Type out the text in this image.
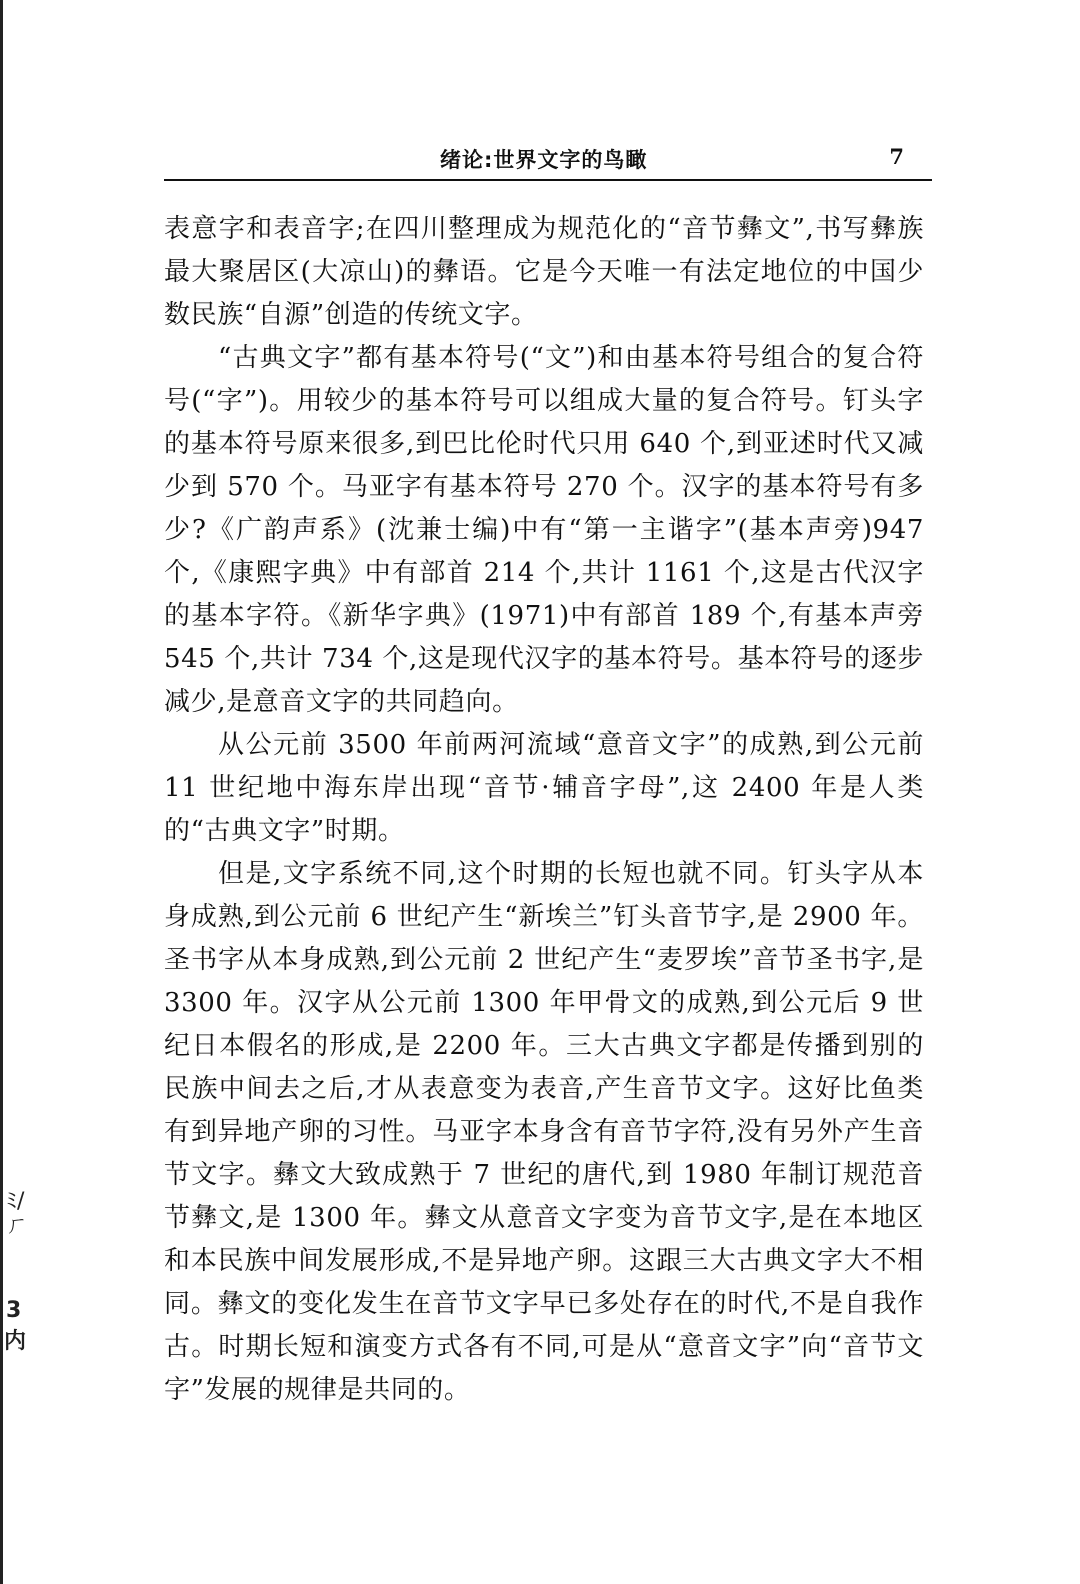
绪论:世界文字的鸟瞰	7

表意字和表音字;在四川整理成为规范化的“音节彝文”,书写彝族最大聚居区(大凉山)的彝语。它是今天唯一有法定地位的中国少数民族“自源”创造的传统文字。

“古典文字”都有基本符号(“文”)和由基本符号组合的复合符号(“字”)。用较少的基本符号可以组成大量的复合符号。钉头字的基本符号原来很多,到巴比伦时代只用 640 个,到亚述时代又减少到 570 个。马亚字有基本符号 270 个。汉字的基本符号有多少?《广韵声系》(沈兼士编)中有“第一主谐字”(基本声旁)947 个,《康熙字典》中有部首 214 个,共计 1161 个,这是古代汉字的基本字符。《新华字典》(1971)中有部首 189 个,有基本声旁 545 个,共计 734 个,这是现代汉字的基本符号。基本符号的逐步减少,是意音文字的共同趋向。

从公元前 3500 年前两河流域“意音文字”的成熟,到公元前 11 世纪地中海东岸出现“音节·辅音字母”,这 2400 年是人类的“古典文字”时期。

但是,文字系统不同,这个时期的长短也就不同。钉头字从本身成熟,到公元前 6 世纪产生“新埃兰”钉头音节字,是 2900 年。圣书字从本身成熟,到公元前 2 世纪产生“麦罗埃”音节圣书字,是 3300 年。汉字从公元前 1300 年甲骨文的成熟,到公元后 9 世纪日本假名的形成,是 2200 年。三大古典文字都是传播到别的民族中间去之后,才从表意变为表音,产生音节文字。这好比鱼类有到异地产卵的习性。马亚字本身含有音节字符,没有另外产生音节文字。彝文大致成熟于 7 世纪的唐代,到 1980 年制订规范音节彝文,是 1300 年。彝文从意音文字变为音节文字,是在本地区和本民族中间发展形成,不是异地产卵。这跟三大古典文字大不相同。彝文的变化发生在音节文字早已多处存在的时代,不是自我作古。时期长短和演变方式各有不同,可是从“意音文字”向“音节文字”发展的规律是共同的。

ﾐ/ㄏ
3
内
